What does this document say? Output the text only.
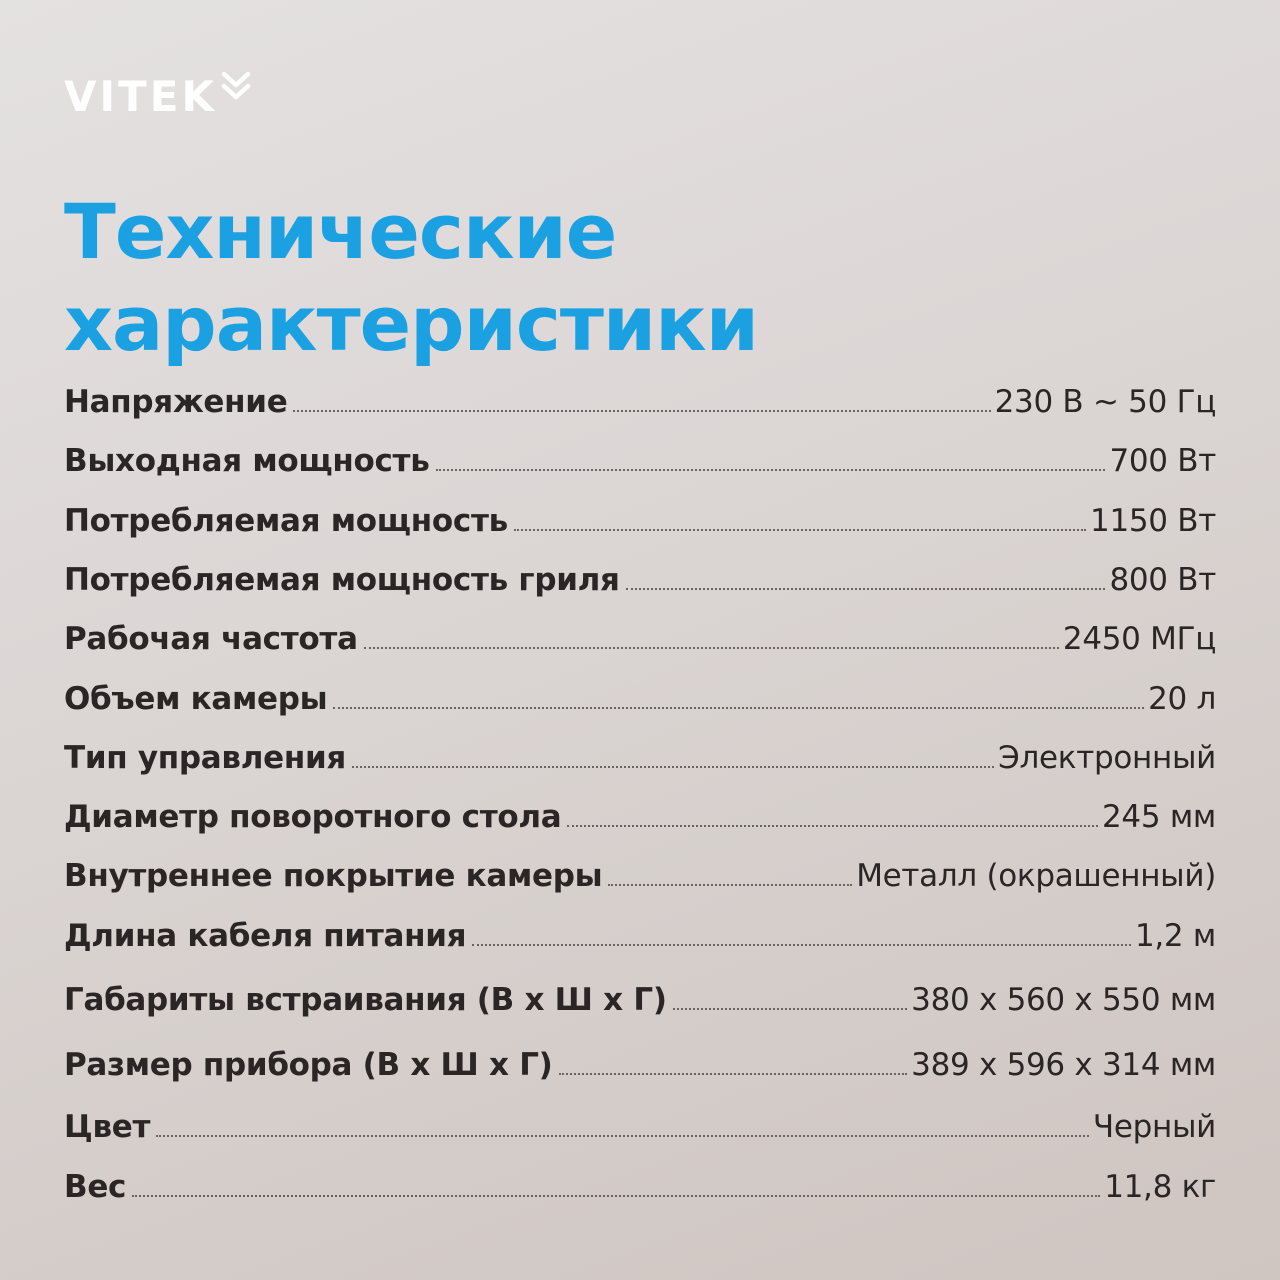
VITEK
Технические
характеристики
Напряжение	230 В ~ 50 Гц
Выходная мощность	700 Вт
Потребляемая мощность	1150 Вт
Потребляемая мощность гриля	800 Вт
Рабочая частота	2450 МГц
Объем камеры	20 л
Тип управления	Электронный
Диаметр поворотного стола	245 мм
Внутреннее покрытие камеры	Металл (окрашенный)
Длина кабеля питания	1,2 м
Габариты встраивания (В x Ш x Г)	380 x 560 x 550 мм
Размер прибора (В x Ш x Г)	389 x 596 x 314 мм
Цвет	Черный
Вес	11,8 кг
